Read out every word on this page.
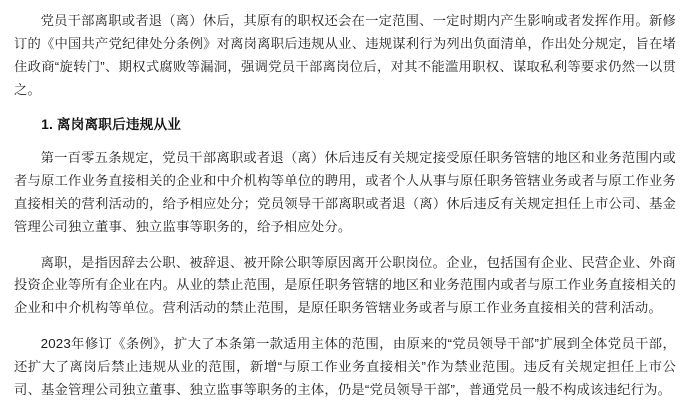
党员干部离职或者退（离）休后，其原有的职权还会在一定范围、一定时期内产生影响或者发挥作用。新修订的《中国共产党纪律处分条例》对离岗离职后违规从业、违规谋利行为列出负面清单，作出处分规定，旨在堵住政商“旋转门”、期权式腐败等漏洞，强调党员干部离岗位后，对其不能滥用职权、谋取私利等要求仍然一以贯之。

1. 离岗离职后违规从业

第一百零五条规定，党员干部离职或者退（离）休后违反有关规定接受原任职务管辖的地区和业务范围内或者与原工作业务直接相关的企业和中介机构等单位的聘用，或者个人从事与原任职务管辖业务或者与原工作业务直接相关的营利活动的，给予相应处分；党员领导干部离职或者退（离）休后违反有关规定担任上市公司、基金管理公司独立董事、独立监事等职务的，给予相应处分。

离职，是指因辞去公职、被辞退、被开除公职等原因离开公职岗位。企业，包括国有企业、民营企业、外商投资企业等所有企业在内。从业的禁止范围，是原任职务管辖的地区和业务范围内或者与原工作业务直接相关的企业和中介机构等单位。营利活动的禁止范围，是原任职务管辖业务或者与原工作业务直接相关的营利活动。

2023年修订《条例》，扩大了本条第一款适用主体的范围，由原来的“党员领导干部”扩展到全体党员干部，还扩大了离岗后禁止违规从业的范围，新增“与原工作业务直接相关”作为禁业范围。违反有关规定担任上市公司、基金管理公司独立董事、独立监事等职务的主体，仍是“党员领导干部”，普通党员一般不构成该违纪行为。
